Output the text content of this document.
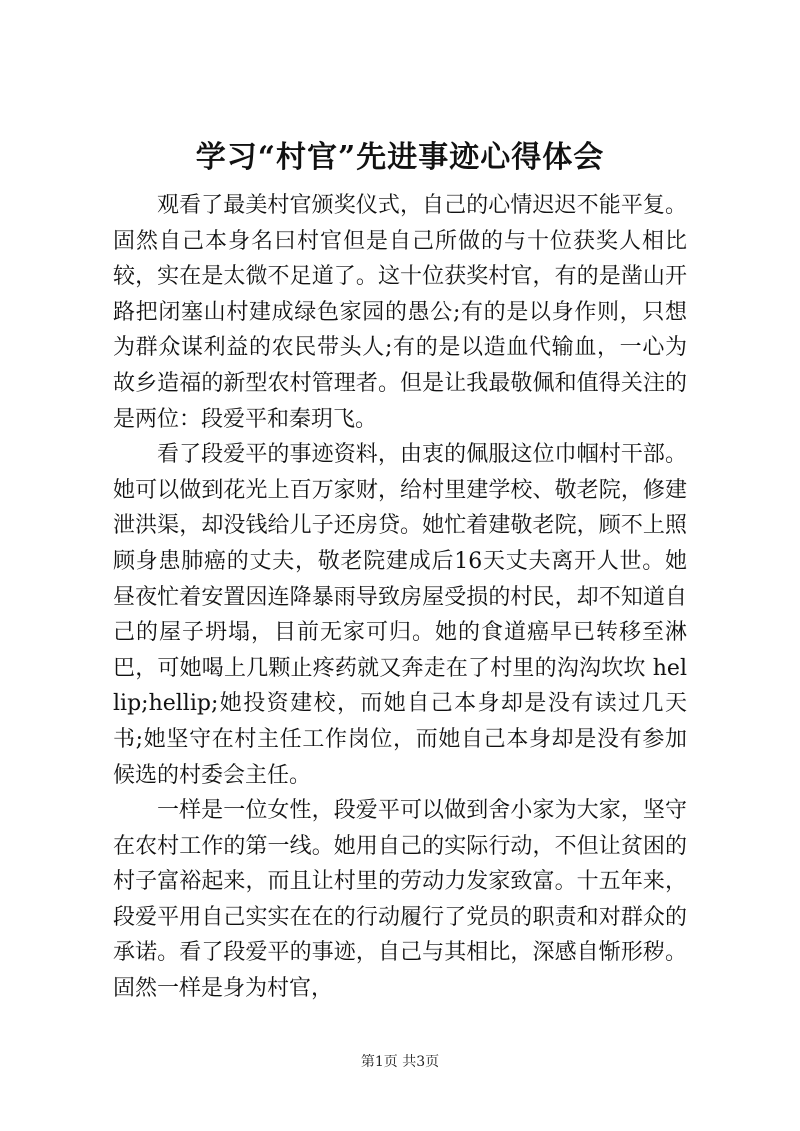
学习“村官”先进事迹心得体会

观看了最美村官颁奖仪式，自己的心情迟迟不能平复。固然自己本身名曰村官但是自己所做的与十位获奖人相比较，实在是太微不足道了。这十位获奖村官，有的是凿山开路把闭塞山村建成绿色家园的愚公;有的是以身作则，只想为群众谋利益的农民带头人;有的是以造血代输血，一心为故乡造福的新型农村管理者。但是让我最敬佩和值得关注的是两位：段爱平和秦玥飞。

看了段爱平的事迹资料，由衷的佩服这位巾帼村干部。她可以做到花光上百万家财，给村里建学校、敬老院，修建泄洪渠，却没钱给儿子还房贷。她忙着建敬老院，顾不上照顾身患肺癌的丈夫，敬老院建成后16天丈夫离开人世。她昼夜忙着安置因连降暴雨导致房屋受损的村民，却不知道自己的屋子坍塌，目前无家可归。她的食道癌早已转移至淋巴，可她喝上几颗止疼药就又奔走在了村里的沟沟坎坎 hellip;hellip;她投资建校，而她自己本身却是没有读过几天书;她坚守在村主任工作岗位，而她自己本身却是没有参加候选的村委会主任。

一样是一位女性，段爱平可以做到舍小家为大家，坚守在农村工作的第一线。她用自己的实际行动，不但让贫困的村子富裕起来，而且让村里的劳动力发家致富。十五年来，段爱平用自己实实在在的行动履行了党员的职责和对群众的承诺。看了段爱平的事迹，自己与其相比，深感自惭形秽。固然一样是身为村官，

第1页 共3页
